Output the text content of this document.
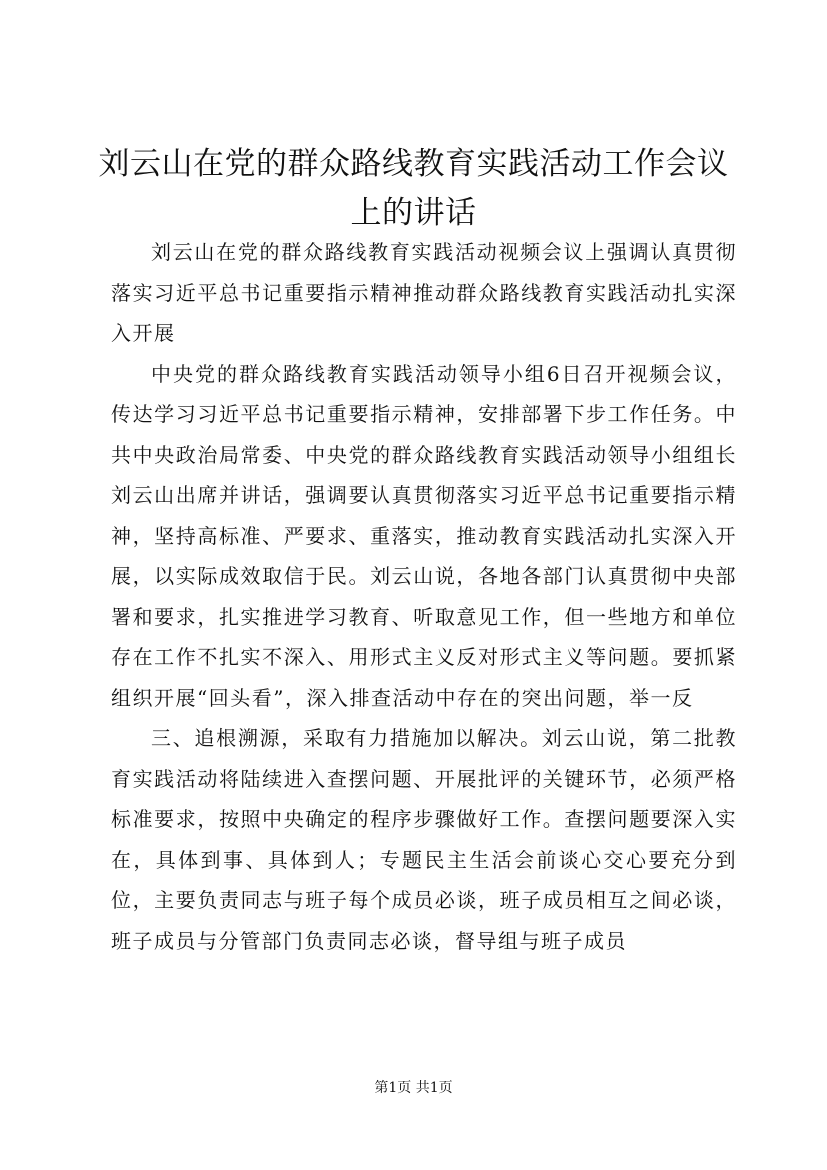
刘云山在党的群众路线教育实践活动工作会议上的讲话

刘云山在党的群众路线教育实践活动视频会议上强调认真贯彻落实习近平总书记重要指示精神推动群众路线教育实践活动扎实深入开展

中央党的群众路线教育实践活动领导小组6日召开视频会议，传达学习习近平总书记重要指示精神，安排部署下步工作任务。中共中央政治局常委、中央党的群众路线教育实践活动领导小组组长刘云山出席并讲话，强调要认真贯彻落实习近平总书记重要指示精神，坚持高标准、严要求、重落实，推动教育实践活动扎实深入开展，以实际成效取信于民。刘云山说，各地各部门认真贯彻中央部署和要求，扎实推进学习教育、听取意见工作，但一些地方和单位存在工作不扎实不深入、用形式主义反对形式主义等问题。要抓紧组织开展“回头看”，深入排查活动中存在的突出问题，举一反

三、追根溯源，采取有力措施加以解决。刘云山说，第二批教育实践活动将陆续进入查摆问题、开展批评的关键环节，必须严格标准要求，按照中央确定的程序步骤做好工作。查摆问题要深入实在，具体到事、具体到人；专题民主生活会前谈心交心要充分到位，主要负责同志与班子每个成员必谈，班子成员相互之间必谈，班子成员与分管部门负责同志必谈，督导组与班子成员

第1页 共1页
